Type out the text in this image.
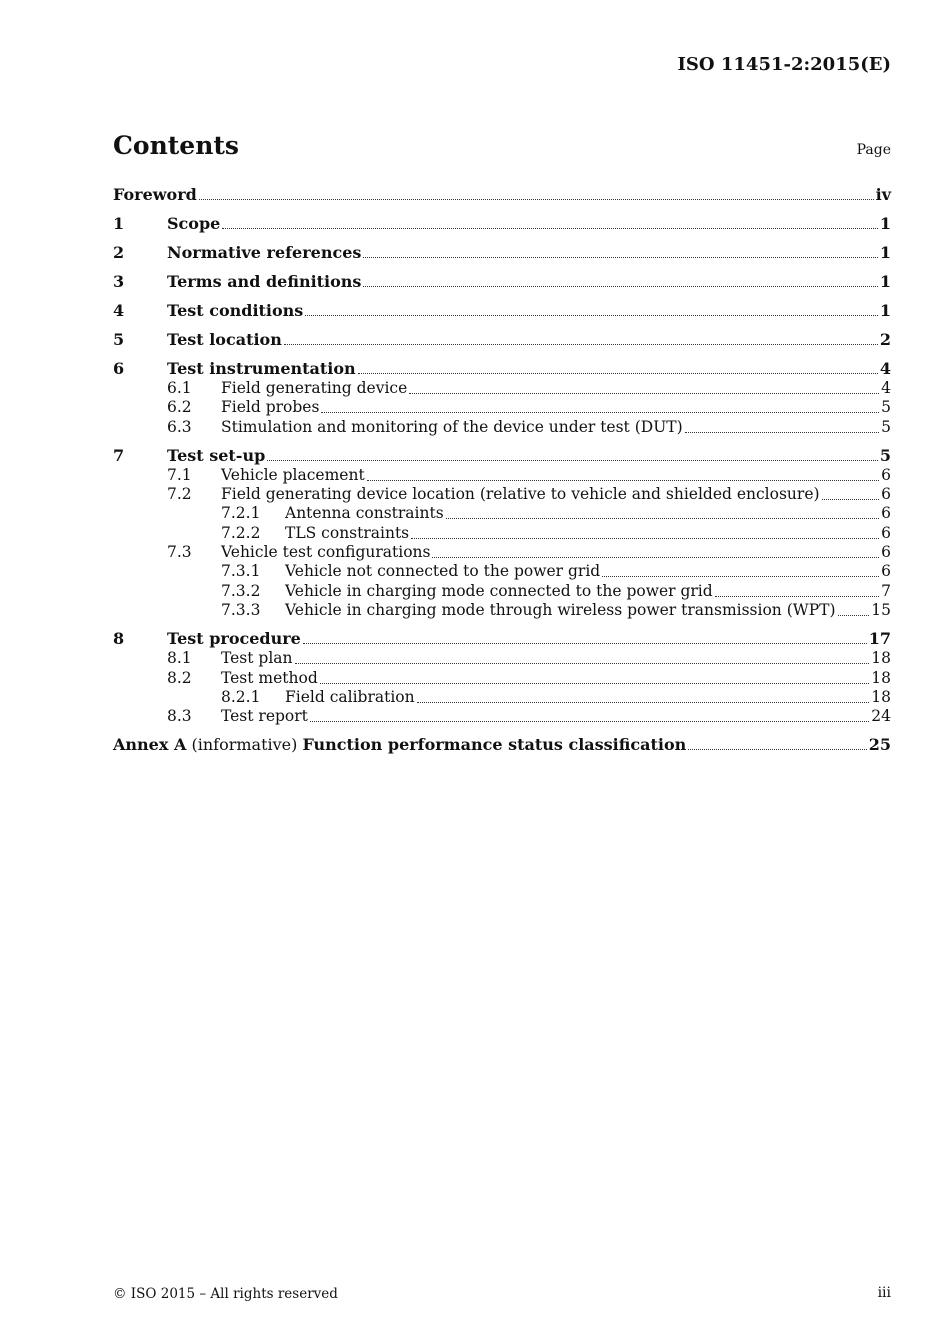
ISO 11451-2:2015(E)
Contents	Page
Foreword	iv
1	Scope	1
2	Normative references	1
3	Terms and definitions	1
4	Test conditions	1
5	Test location	2
6	Test instrumentation	4
6.1 Field generating device	4
6.2 Field probes	5
6.3 Stimulation and monitoring of the device under test (DUT)	5
7	Test set-up	5
7.1 Vehicle placement	6
7.2 Field generating device location (relative to vehicle and shielded enclosure)	6
7.2.1 Antenna constraints	6
7.2.2 TLS constraints	6
7.3 Vehicle test configurations	6
7.3.1 Vehicle not connected to the power grid	6
7.3.2 Vehicle in charging mode connected to the power grid	7
7.3.3 Vehicle in charging mode through wireless power transmission (WPT) 15
8	Test procedure	17
8.1 Test plan	18
8.2 Test method	18
8.2.1 Field calibration	18
8.3 Test report	24
Annex A (informative) Function performance status classification	25
© ISO 2015 – All rights reserved	iii
